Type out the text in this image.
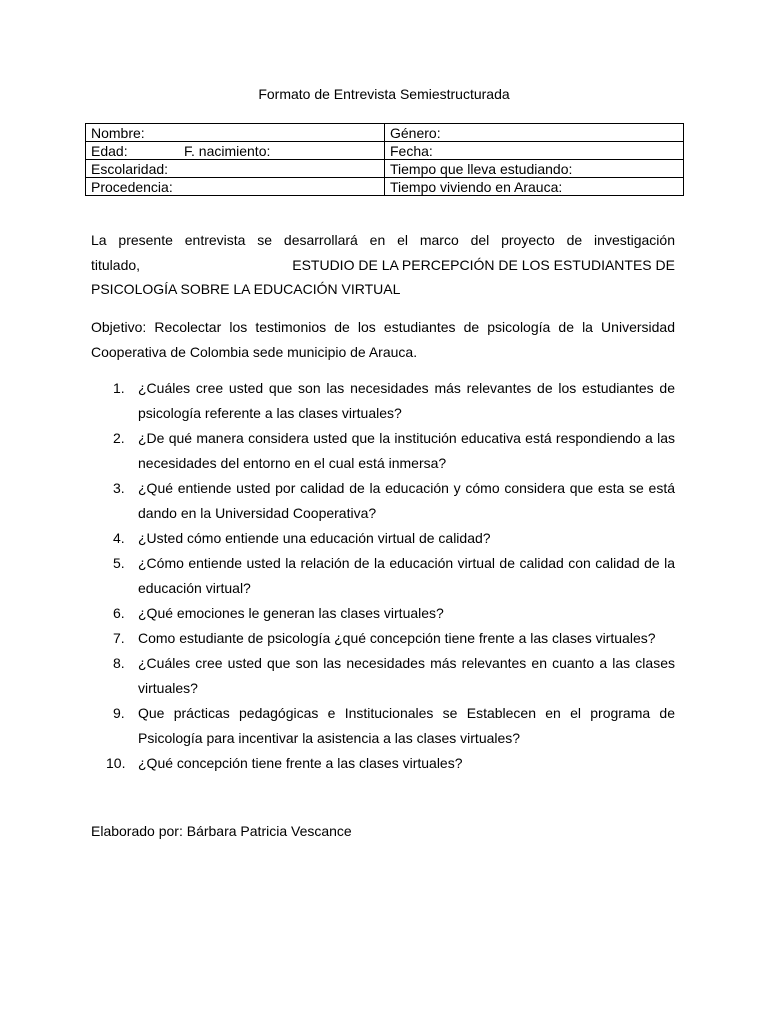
Formato de Entrevista Semiestructurada
Nombre:	Género:
Edad: F. nacimiento:	Fecha:
Escolaridad:	Tiempo que lleva estudiando:
Procedencia:	Tiempo viviendo en Arauca:
La presente entrevista se desarrollará en el marco del proyecto de investigación
titulado,	ESTUDIO DE LA PERCEPCIÓN DE LOS ESTUDIANTES DE
PSICOLOGÍA SOBRE LA EDUCACIÓN VIRTUAL
Objetivo: Recolectar los testimonios de los estudiantes de psicología de la Universidad Cooperativa de Colombia sede municipio de Arauca.
1. ¿Cuáles cree usted que son las necesidades más relevantes de los estudiantes de psicología referente a las clases virtuales?
2. ¿De qué manera considera usted que la institución educativa está respondiendo a las necesidades del entorno en el cual está inmersa?
3. ¿Qué entiende usted por calidad de la educación y cómo considera que esta se está dando en la Universidad Cooperativa?
4. ¿Usted cómo entiende una educación virtual de calidad?
5. ¿Cómo entiende usted la relación de la educación virtual de calidad con calidad de la educación virtual?
6. ¿Qué emociones le generan las clases virtuales?
7. Como estudiante de psicología ¿qué concepción tiene frente a las clases virtuales?
8. ¿Cuáles cree usted que son las necesidades más relevantes en cuanto a las clases virtuales?
9. Que prácticas pedagógicas e Institucionales se Establecen en el programa de Psicología para incentivar la asistencia a las clases virtuales?
10. ¿Qué concepción tiene frente a las clases virtuales?
Elaborado por: Bárbara Patricia Vescance
